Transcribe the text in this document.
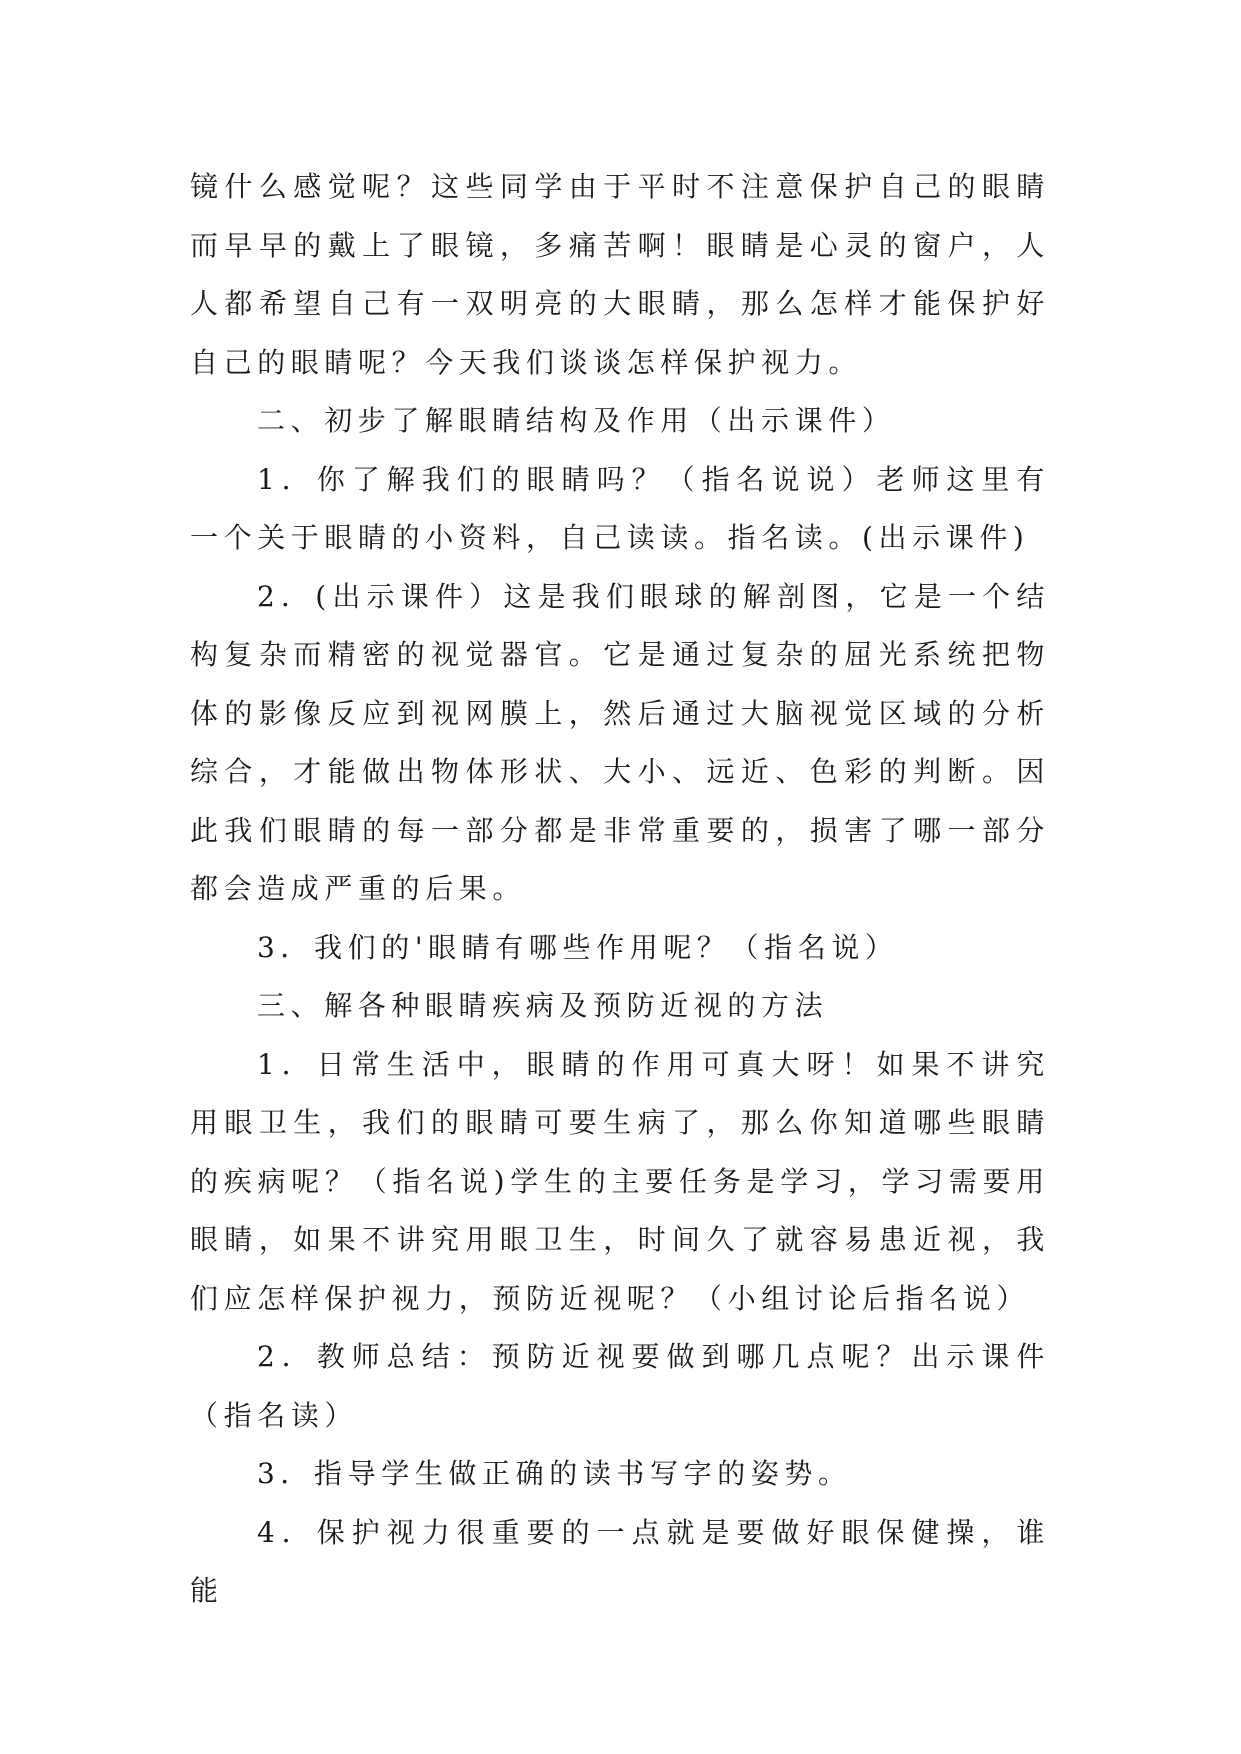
镜什么感觉呢？这些同学由于平时不注意保护自己的眼睛而早早的戴上了眼镜，多痛苦啊！眼睛是心灵的窗户，人人都希望自己有一双明亮的大眼睛，那么怎样才能保护好自己的眼睛呢？今天我们谈谈怎样保护视力。

二、初步了解眼睛结构及作用（出示课件）

1．你了解我们的眼睛吗？（指名说说）老师这里有一个关于眼睛的小资料，自己读读。指名读。(出示课件)

2．(出示课件）这是我们眼球的解剖图，它是一个结构复杂而精密的视觉器官。它是通过复杂的屈光系统把物体的影像反应到视网膜上，然后通过大脑视觉区域的分析综合，才能做出物体形状、大小、远近、色彩的判断。因此我们眼睛的每一部分都是非常重要的，损害了哪一部分都会造成严重的后果。

3．我们的'眼睛有哪些作用呢？（指名说）

三、解各种眼睛疾病及预防近视的方法

1．日常生活中，眼睛的作用可真大呀！如果不讲究用眼卫生，我们的眼睛可要生病了，那么你知道哪些眼睛的疾病呢？（指名说)学生的主要任务是学习，学习需要用眼睛，如果不讲究用眼卫生，时间久了就容易患近视，我们应怎样保护视力，预防近视呢？（小组讨论后指名说）

2．教师总结：预防近视要做到哪几点呢？出示课件（指名读）

3．指导学生做正确的读书写字的姿势。

4．保护视力很重要的一点就是要做好眼保健操，谁能
